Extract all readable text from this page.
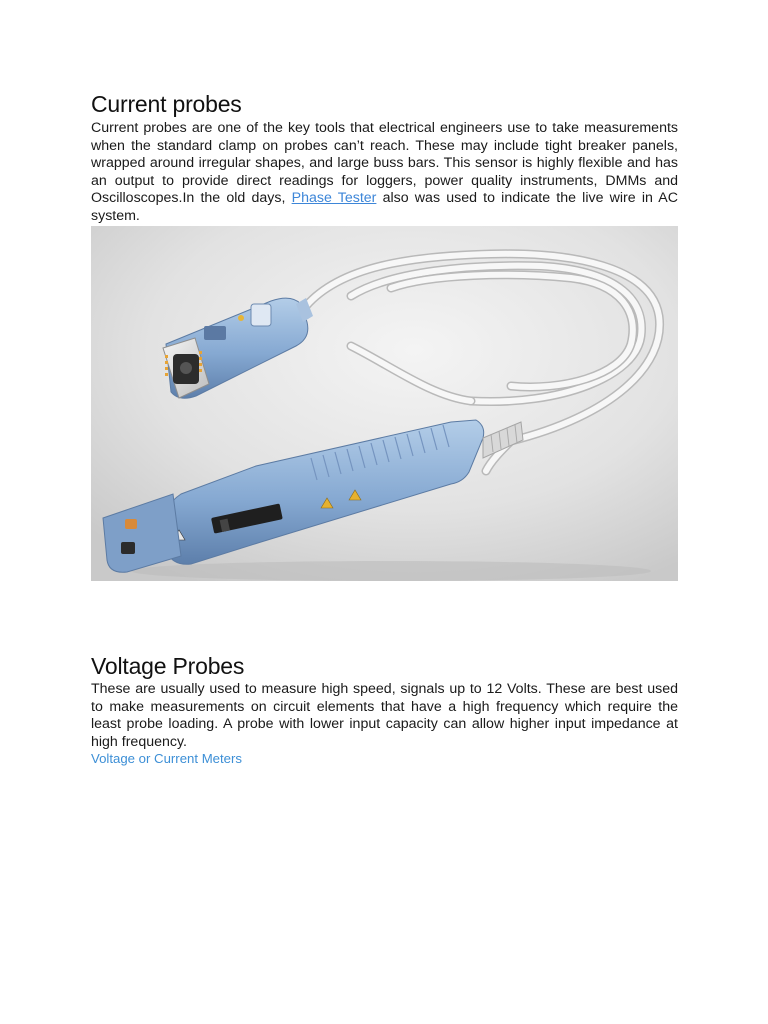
Current probes

Current probes are one of the key tools that electrical engineers use to take measurements when the standard clamp on probes can’t reach. These may include tight breaker panels, wrapped around irregular shapes, and large buss bars. This sensor is highly flexible and has an output to provide direct readings for loggers, power quality instruments, DMMs and Oscilloscopes.In the old days, Phase Tester also was used to indicate the live wire in AC system.

Voltage Probes

These are usually used to measure high speed, signals up to 12 Volts. These are best used to make measurements on circuit elements that have a high frequency which require the least probe loading. A probe with lower input capacity can allow higher input impedance at high frequency.

Voltage or Current Meters
